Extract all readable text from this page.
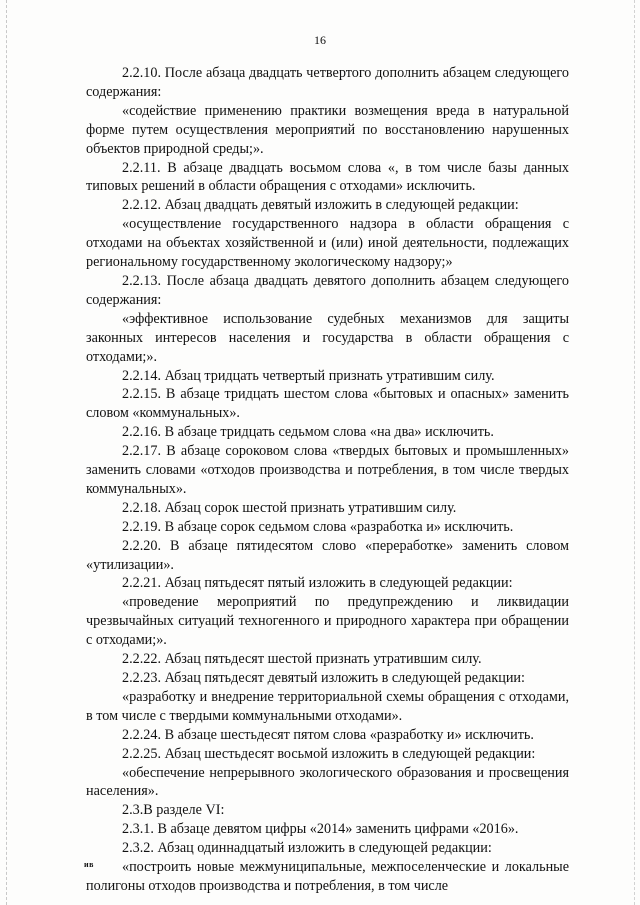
16

2.2.10. После абзаца двадцать четвертого дополнить абзацем следующего содержания:

«содействие применению практики возмещения вреда в натуральной форме путем осуществления мероприятий по восстановлению нарушенных объектов природной среды;».

2.2.11. В абзаце двадцать восьмом слова «, в том числе базы данных типовых решений в области обращения с отходами» исключить.

2.2.12. Абзац двадцать девятый изложить в следующей редакции:

«осуществление государственного надзора в области обращения с отходами на объектах хозяйственной и (или) иной деятельности, подлежащих региональному государственному экологическому надзору;»

2.2.13. После абзаца двадцать девятого дополнить абзацем следующего содержания:

«эффективное использование судебных механизмов для защиты законных интересов населения и государства в области обращения с отходами;».

2.2.14. Абзац тридцать четвертый признать утратившим силу.

2.2.15. В абзаце тридцать шестом слова «бытовых и опасных» заменить словом «коммунальных».

2.2.16. В абзаце тридцать седьмом слова «на два» исключить.

2.2.17. В абзаце сороковом слова «твердых бытовых и промышленных» заменить словами «отходов производства и потребления, в том числе твердых коммунальных».

2.2.18. Абзац сорок шестой признать утратившим силу.

2.2.19. В абзаце сорок седьмом слова «разработка и» исключить.

2.2.20. В абзаце пятидесятом слово «переработке» заменить словом «утилизации».

2.2.21. Абзац пятьдесят пятый изложить в следующей редакции:

«проведение мероприятий по предупреждению и ликвидации чрезвычайных ситуаций техногенного и природного характера при обращении с отходами;».

2.2.22. Абзац пятьдесят шестой признать утратившим силу.

2.2.23. Абзац пятьдесят девятый изложить в следующей редакции:

«разработку и внедрение территориальной схемы обращения с отходами, в том числе с твердыми коммунальными отходами».

2.2.24. В абзаце шестьдесят пятом слова «разработку и» исключить.

2.2.25. Абзац шестьдесят восьмой изложить в следующей редакции:

«обеспечение непрерывного экологического образования и просвещения населения».

2.3.В разделе VI:

2.3.1. В абзаце девятом цифры «2014» заменить цифрами «2016».

2.3.2. Абзац одиннадцатый изложить в следующей редакции:

«построить новые межмуниципальные, межпоселенческие и локальные полигоны отходов производства и потребления, в том числе

ив
